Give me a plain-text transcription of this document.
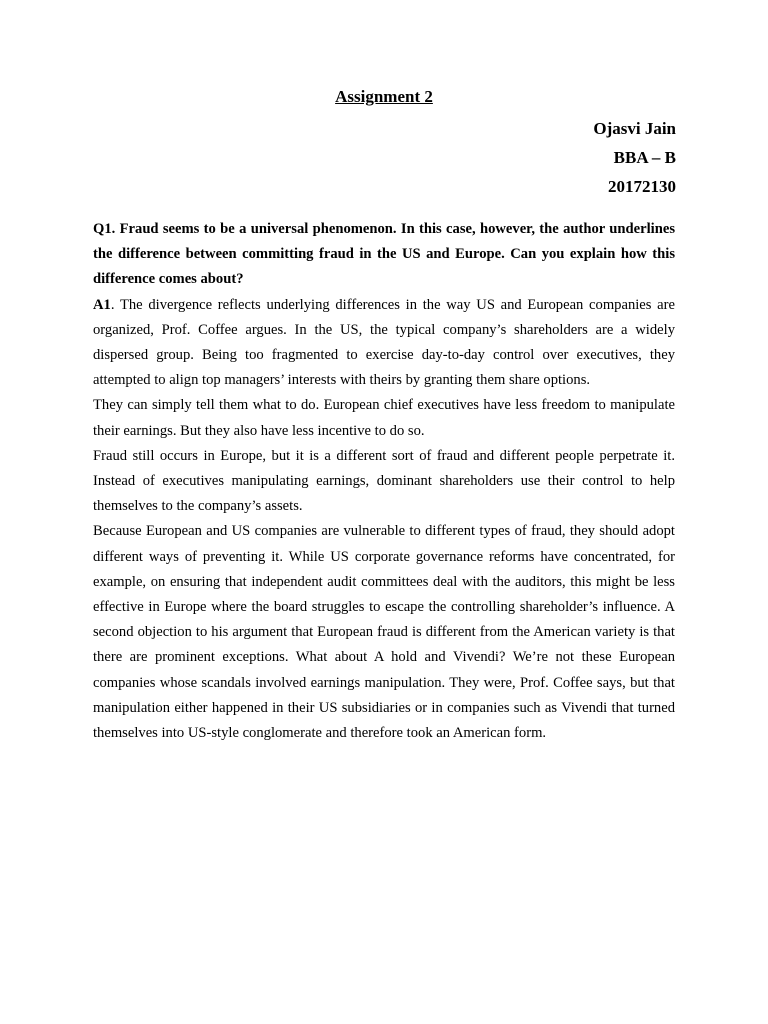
Assignment 2
Ojasvi Jain
BBA – B
20172130

Q1. Fraud seems to be a universal phenomenon. In this case, however, the author underlines the difference between committing fraud in the US and Europe. Can you explain how this difference comes about?

A1. The divergence reflects underlying differences in the way US and European companies are organized, Prof. Coffee argues. In the US, the typical company’s shareholders are a widely dispersed group. Being too fragmented to exercise day-to-day control over executives, they attempted to align top managers’ interests with theirs by granting them share options.

They can simply tell them what to do. European chief executives have less freedom to manipulate their earnings. But they also have less incentive to do so.

Fraud still occurs in Europe, but it is a different sort of fraud and different people perpetrate it. Instead of executives manipulating earnings, dominant shareholders use their control to help themselves to the company’s assets.

Because European and US companies are vulnerable to different types of fraud, they should adopt different ways of preventing it. While US corporate governance reforms have concentrated, for example, on ensuring that independent audit committees deal with the auditors, this might be less effective in Europe where the board struggles to escape the controlling shareholder’s influence. A second objection to his argument that European fraud is different from the American variety is that there are prominent exceptions. What about A hold and Vivendi? We’re not these European companies whose scandals involved earnings manipulation. They were, Prof. Coffee says, but that manipulation either happened in their US subsidiaries or in companies such as Vivendi that turned themselves into US-style conglomerate and therefore took an American form.
